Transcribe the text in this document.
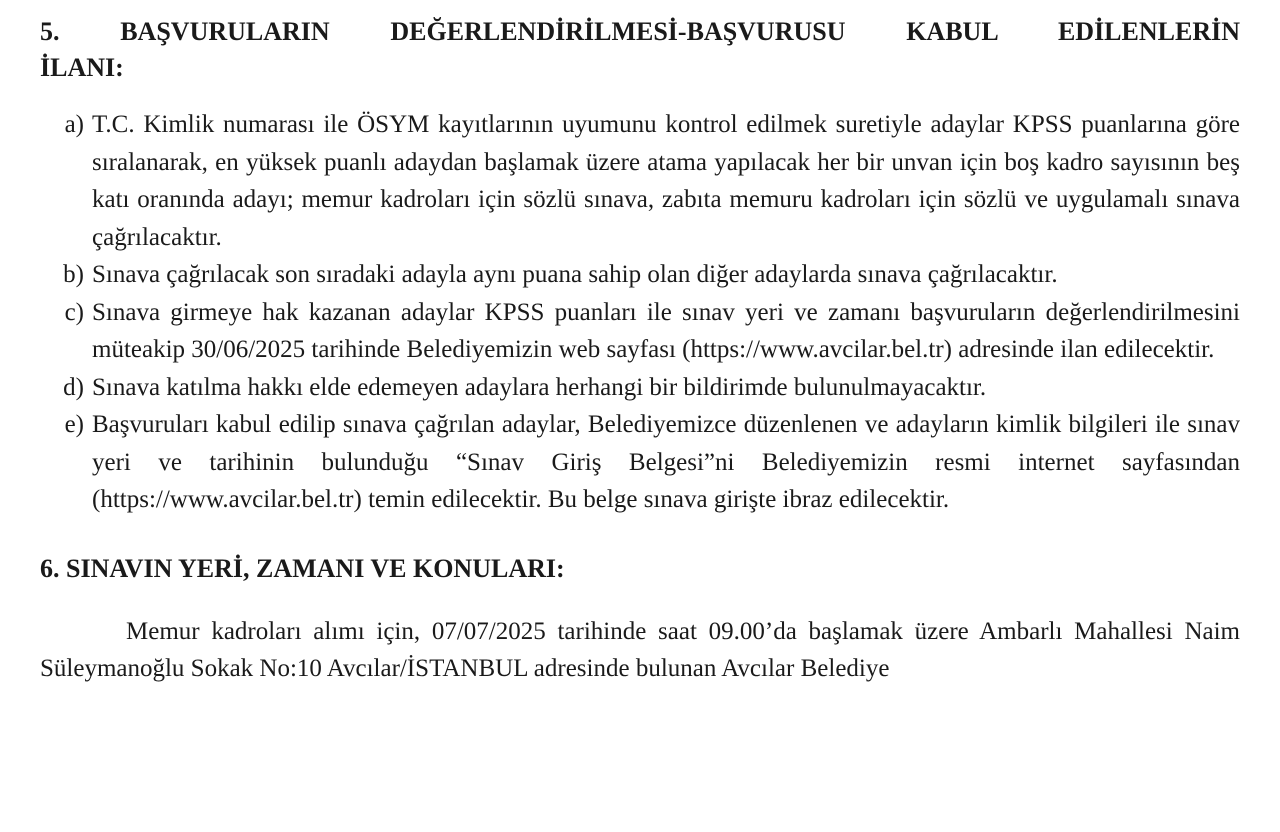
5. BAŞVURULARIN DEĞERLENDİRİLMESİ-BAŞVURUSU KABUL EDİLENLERİN
İLANI:
a) T.C. Kimlik numarası ile ÖSYM kayıtlarının uyumunu kontrol edilmek suretiyle adaylar KPSS puanlarına göre sıralanarak, en yüksek puanlı adaydan başlamak üzere atama yapılacak her bir unvan için boş kadro sayısının beş katı oranında adayı; memur kadroları için sözlü sınava, zabıta memuru kadroları için sözlü ve uygulamalı sınava çağrılacaktır.
b) Sınava çağrılacak son sıradaki adayla aynı puana sahip olan diğer adaylarda sınava çağrılacaktır.
c) Sınava girmeye hak kazanan adaylar KPSS puanları ile sınav yeri ve zamanı başvuruların değerlendirilmesini müteakip 30/06/2025 tarihinde Belediyemizin web sayfası (https://www.avcilar.bel.tr) adresinde ilan edilecektir.
d) Sınava katılma hakkı elde edemeyen adaylara herhangi bir bildirimde bulunulmayacaktır.
e) Başvuruları kabul edilip sınava çağrılan adaylar, Belediyemizce düzenlenen ve adayların kimlik bilgileri ile sınav yeri ve tarihinin bulunduğu “Sınav Giriş Belgesi”ni Belediyemizin resmi internet sayfasından (https://www.avcilar.bel.tr) temin edilecektir. Bu belge sınava girişte ibraz edilecektir.
6. SINAVIN YERİ, ZAMANI VE KONULARI:

Memur kadroları alımı için, 07/07/2025 tarihinde saat 09.00’da başlamak üzere Ambarlı Mahallesi Naim Süleymanoğlu Sokak No:10 Avcılar/İSTANBUL adresinde bulunan Avcılar Belediye
